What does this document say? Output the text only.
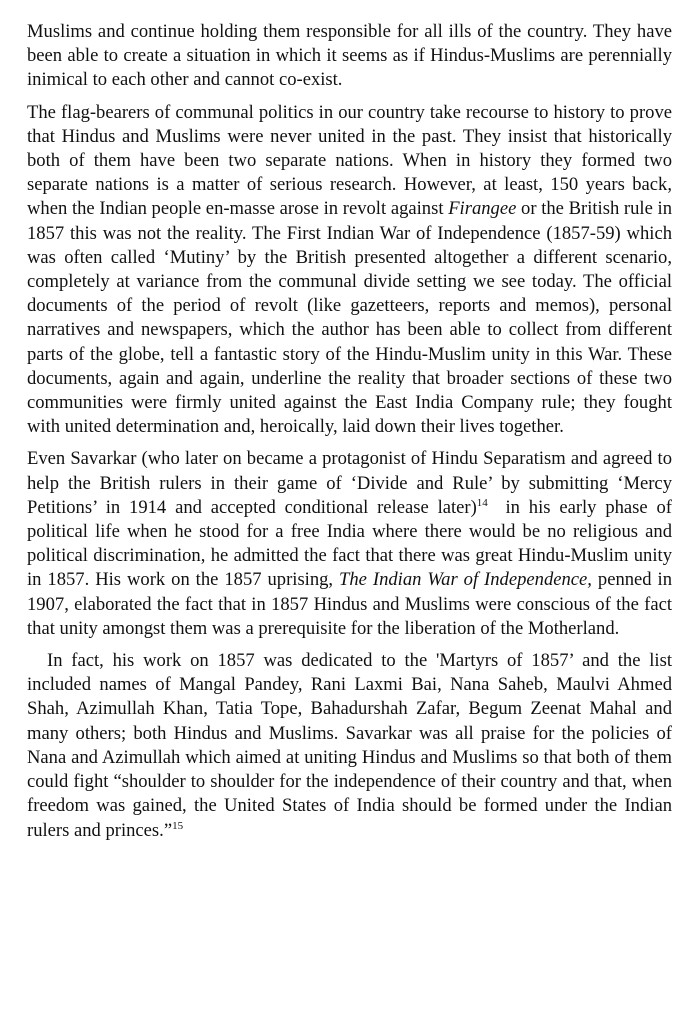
Muslims and continue holding them responsible for all ills of the country. They have been able to create a situation in which it seems as if Hindus-Muslims are perennially inimical to each other and cannot co-exist.

The flag-bearers of communal politics in our country take recourse to history to prove that Hindus and Muslims were never united in the past. They insist that historically both of them have been two separate nations. When in history they formed two separate nations is a matter of serious research. However, at least, 150 years back, when the Indian people en-masse arose in revolt against Firangee or the British rule in 1857 this was not the reality. The First Indian War of Independence (1857-59) which was often called ‘Mutiny’ by the British presented altogether a different scenario, completely at variance from the communal divide setting we see today. The official documents of the period of revolt (like gazetteers, reports and memos), personal narratives and newspapers, which the author has been able to collect from different parts of the globe, tell a fantastic story of the Hindu-Muslim unity in this War. These documents, again and again, underline the reality that broader sections of these two communities were firmly united against the East India Company rule; they fought with united determination and, heroically, laid down their lives together.

Even Savarkar (who later on became a protagonist of Hindu Separatism and agreed to help the British rulers in their game of ‘Divide and Rule’ by submitting ‘Mercy Petitions’ in 1914 and accepted conditional release later)$^{14}$  in his early phase of political life when he stood for a free India where there would be no religious and political discrimination, he admitted the fact that there was great Hindu-Muslim unity in 1857. His work on the 1857 uprising, The Indian War of Independence, penned in 1907, elaborated the fact that in 1857 Hindus and Muslims were conscious of the fact that unity amongst them was a prerequisite for the liberation of the Motherland.

In fact, his work on 1857 was dedicated to the 'Martyrs of 1857’ and the list included names of Mangal Pandey, Rani Laxmi Bai, Nana Saheb, Maulvi Ahmed Shah, Azimullah Khan, Tatia Tope, Bahadurshah Zafar, Begum Zeenat Mahal and many others; both Hindus and Muslims. Savarkar was all praise for the policies of Nana and Azimullah which aimed at uniting Hindus and Muslims so that both of them could fight “shoulder to shoulder for the independence of their country and that, when freedom was gained, the United States of India should be formed under the Indian rulers and princes.”$^{15}$
